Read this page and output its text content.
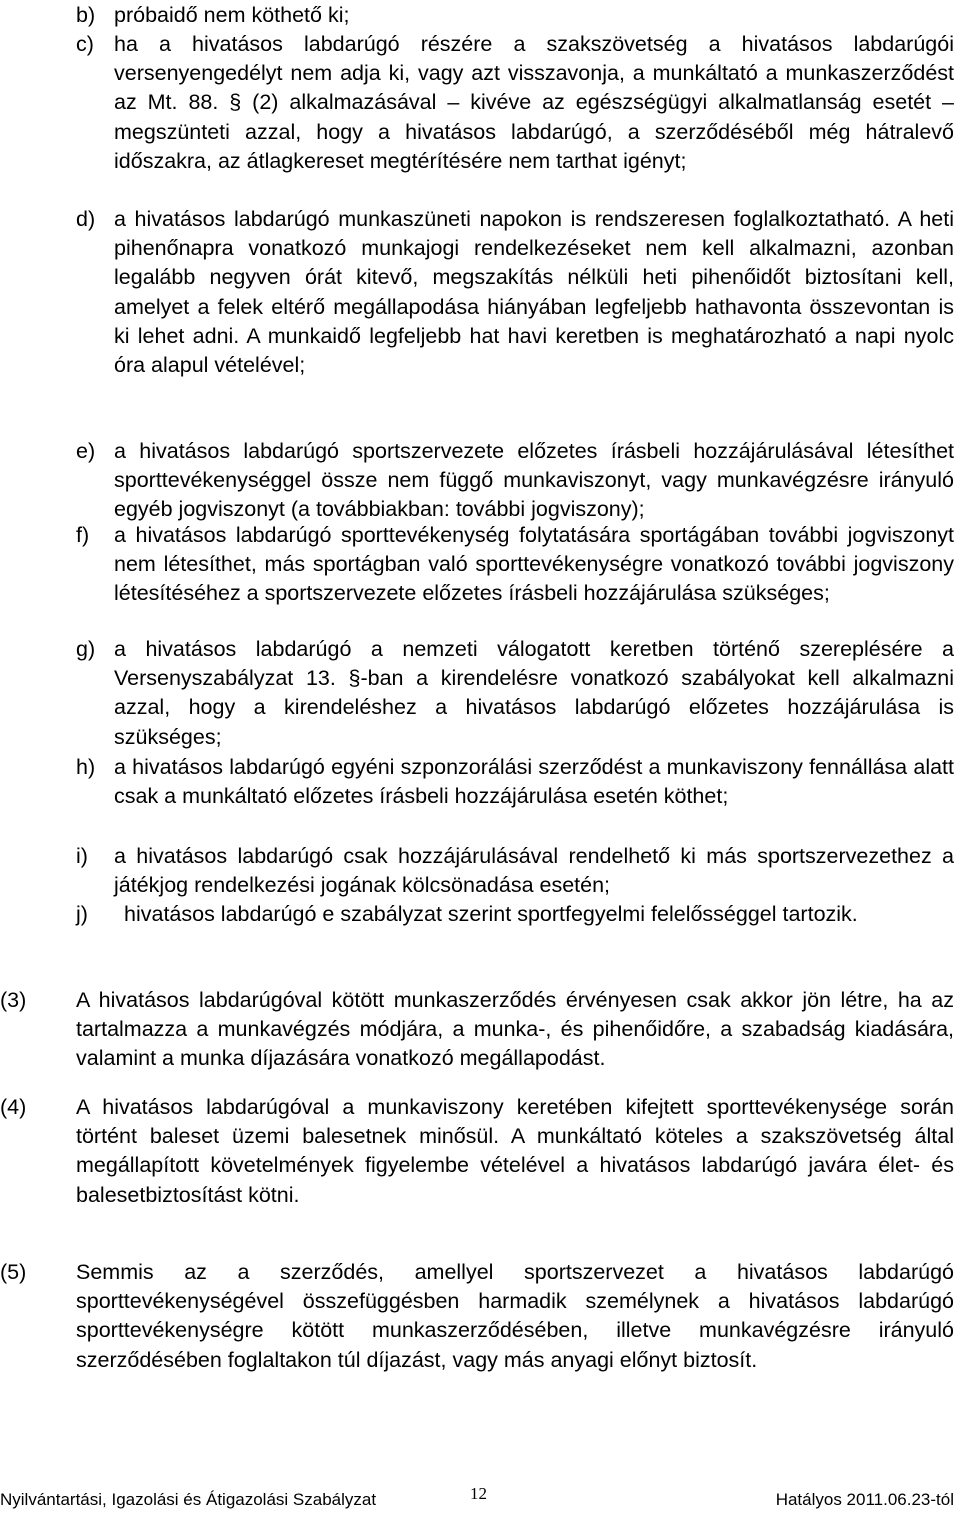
b) próbaidő nem köthető ki;
c) ha a hivatásos labdarúgó részére a szakszövetség a hivatásos labdarúgói versenyengedélyt nem adja ki, vagy azt visszavonja, a munkáltató a munkaszerződést az Mt. 88. § (2) alkalmazásával – kivéve az egészségügyi alkalmatlanság esetét – megszünteti azzal, hogy a hivatásos labdarúgó, a szerződéséből még hátralevő időszakra, az átlagkereset megtérítésére nem tarthat igényt;
d) a hivatásos labdarúgó munkaszüneti napokon is rendszeresen foglalkoztatható. A heti pihenőnapra vonatkozó munkajogi rendelkezéseket nem kell alkalmazni, azonban legalább negyven órát kitevő, megszakítás nélküli heti pihenőidőt biztosítani kell, amelyet a felek eltérő megállapodása hiányában legfeljebb hathavonta összevontan is ki lehet adni. A munkaidő legfeljebb hat havi keretben is meghatározható a napi nyolc óra alapul vételével;
e) a hivatásos labdarúgó sportszervezete előzetes írásbeli hozzájárulásával létesíthet sporttevékenységgel össze nem függő munkaviszonyt, vagy munkavégzésre irányuló egyéb jogviszonyt (a továbbiakban: további jogviszony);
f) a hivatásos labdarúgó sporttevékenység folytatására sportágában további jogviszonyt nem létesíthet, más sportágban való sporttevékenységre vonatkozó további jogviszony létesítéséhez a sportszervezete előzetes írásbeli hozzájárulása szükséges;
g) a hivatásos labdarúgó a nemzeti válogatott keretben történő szereplésére a Versenyszabályzat 13. §-ban a kirendelésre vonatkozó szabályokat kell alkalmazni azzal, hogy a kirendeléshez a hivatásos labdarúgó előzetes hozzájárulása is szükséges;
h) a hivatásos labdarúgó egyéni szponzorálási szerződést a munkaviszony fennállása alatt csak a munkáltató előzetes írásbeli hozzájárulása esetén köthet;
i) a hivatásos labdarúgó csak hozzájárulásával rendelhető ki más sportszervezethez a játékjog rendelkezési jogának kölcsönadása esetén;
j) hivatásos labdarúgó e szabályzat szerint sportfegyelmi felelősséggel tartozik.
(3) A hivatásos labdarúgóval kötött munkaszerződés érvényesen csak akkor jön létre, ha az tartalmazza a munkavégzés módjára, a munka-, és pihenőidőre, a szabadság kiadására, valamint a munka díjazására vonatkozó megállapodást.
(4) A hivatásos labdarúgóval a munkaviszony keretében kifejtett sporttevékenysége során történt baleset üzemi balesetnek minősül. A munkáltató köteles a szakszövetség által megállapított követelmények figyelembe vételével a hivatásos labdarúgó javára élet- és balesetbiztosítást kötni.
(5) Semmis az a szerződés, amellyel sportszervezet a hivatásos labdarúgó sporttevékenységével összefüggésben harmadik személynek a hivatásos labdarúgó sporttevékenységre kötött munkaszerződésében, illetve munkavégzésre irányuló szerződésében foglaltakon túl díjazást, vagy más anyagi előnyt biztosít.
Nyilvántartási, Igazolási és Átigazolási Szabályzat	12	Hatályos 2011.06.23-tól
